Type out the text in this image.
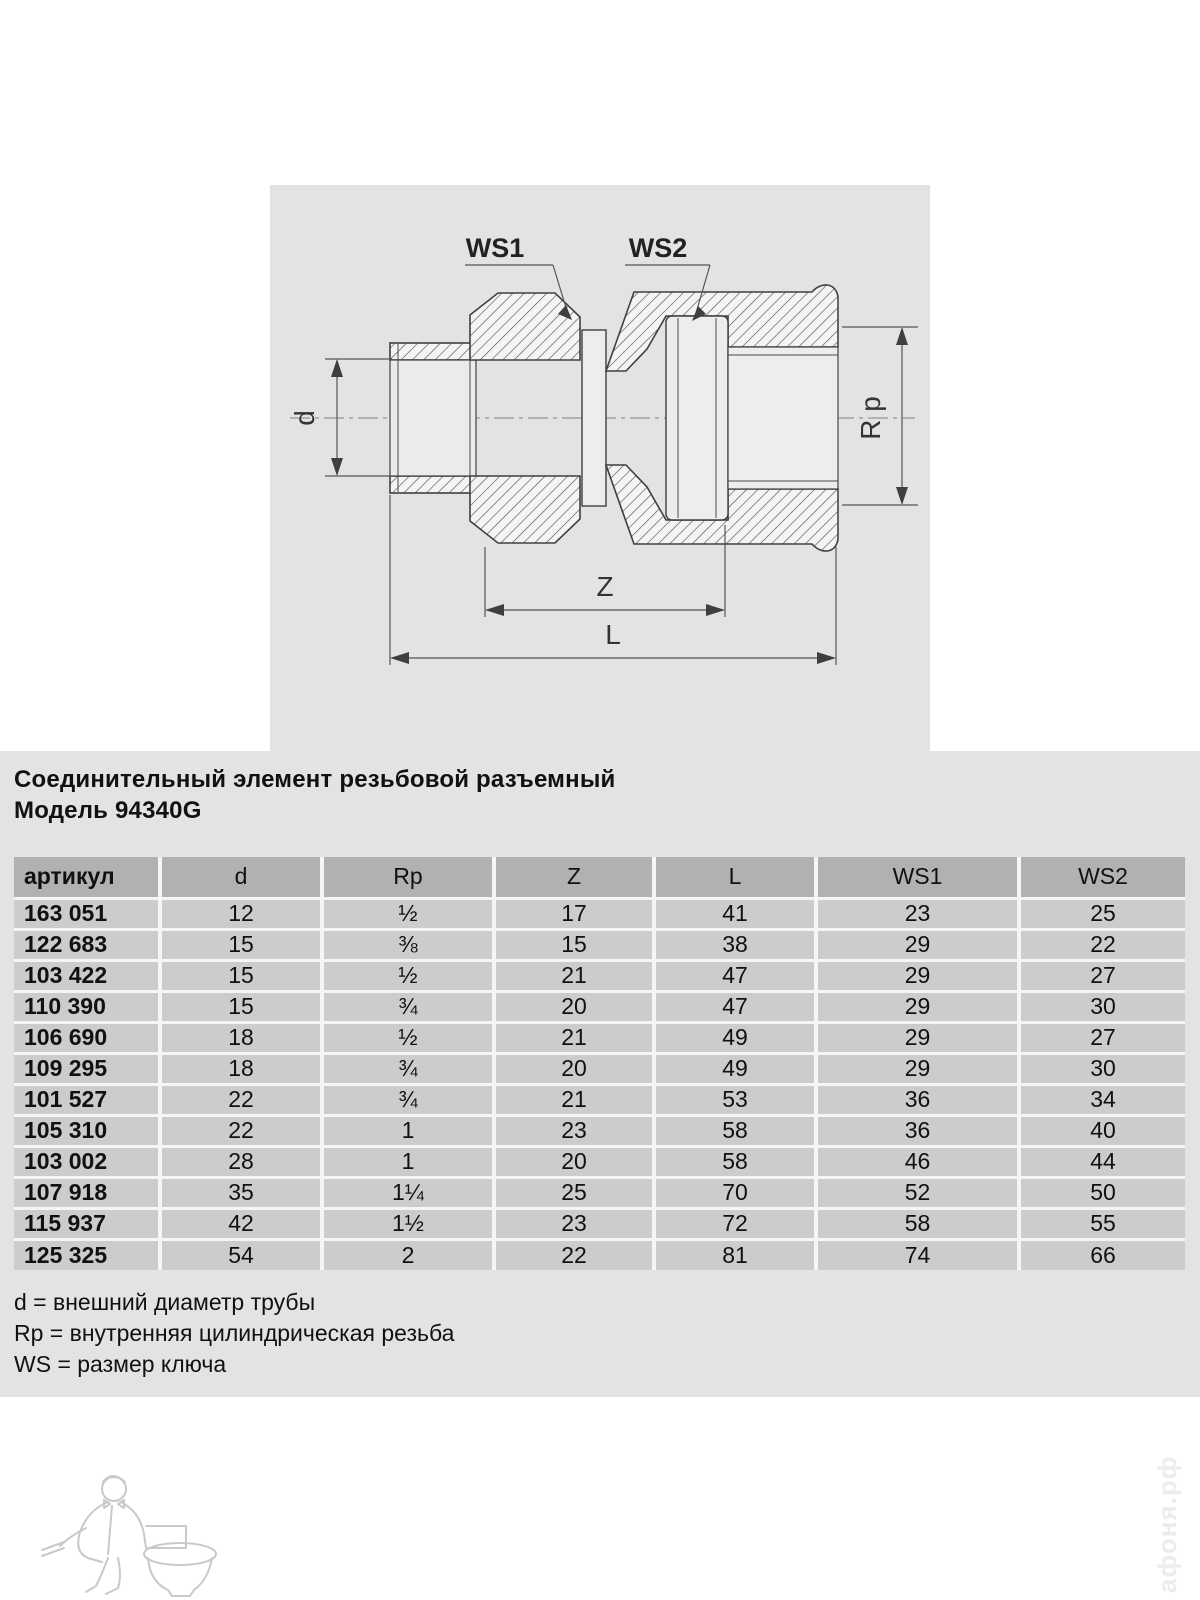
WS1	WS2
d	R p
Z
L
Соединительный элемент резьбовой разъемный
Модель 94340G
артикул	d	Rp	Z	L	WS1	WS2
163 051	12	½	17	41	23	25
122 683	15	⅜	15	38	29	22
103 422	15	½	21	47	29	27
110 390	15	¾	20	47	29	30
106 690	18	½	21	49	29	27
109 295	18	¾	20	49	29	30
101 527	22	¾	21	53	36	34
105 310	22	1	23	58	36	40
103 002	28	1	20	58	46	44
107 918	35	1¼	25	70	52	50
115 937	42	1½	23	72	58	55
125 325	54	2	22	81	74	66
d = внешний диаметр трубы
Rp = внутренняя цилиндрическая резьба
WS = размер ключа
афоня.рф
